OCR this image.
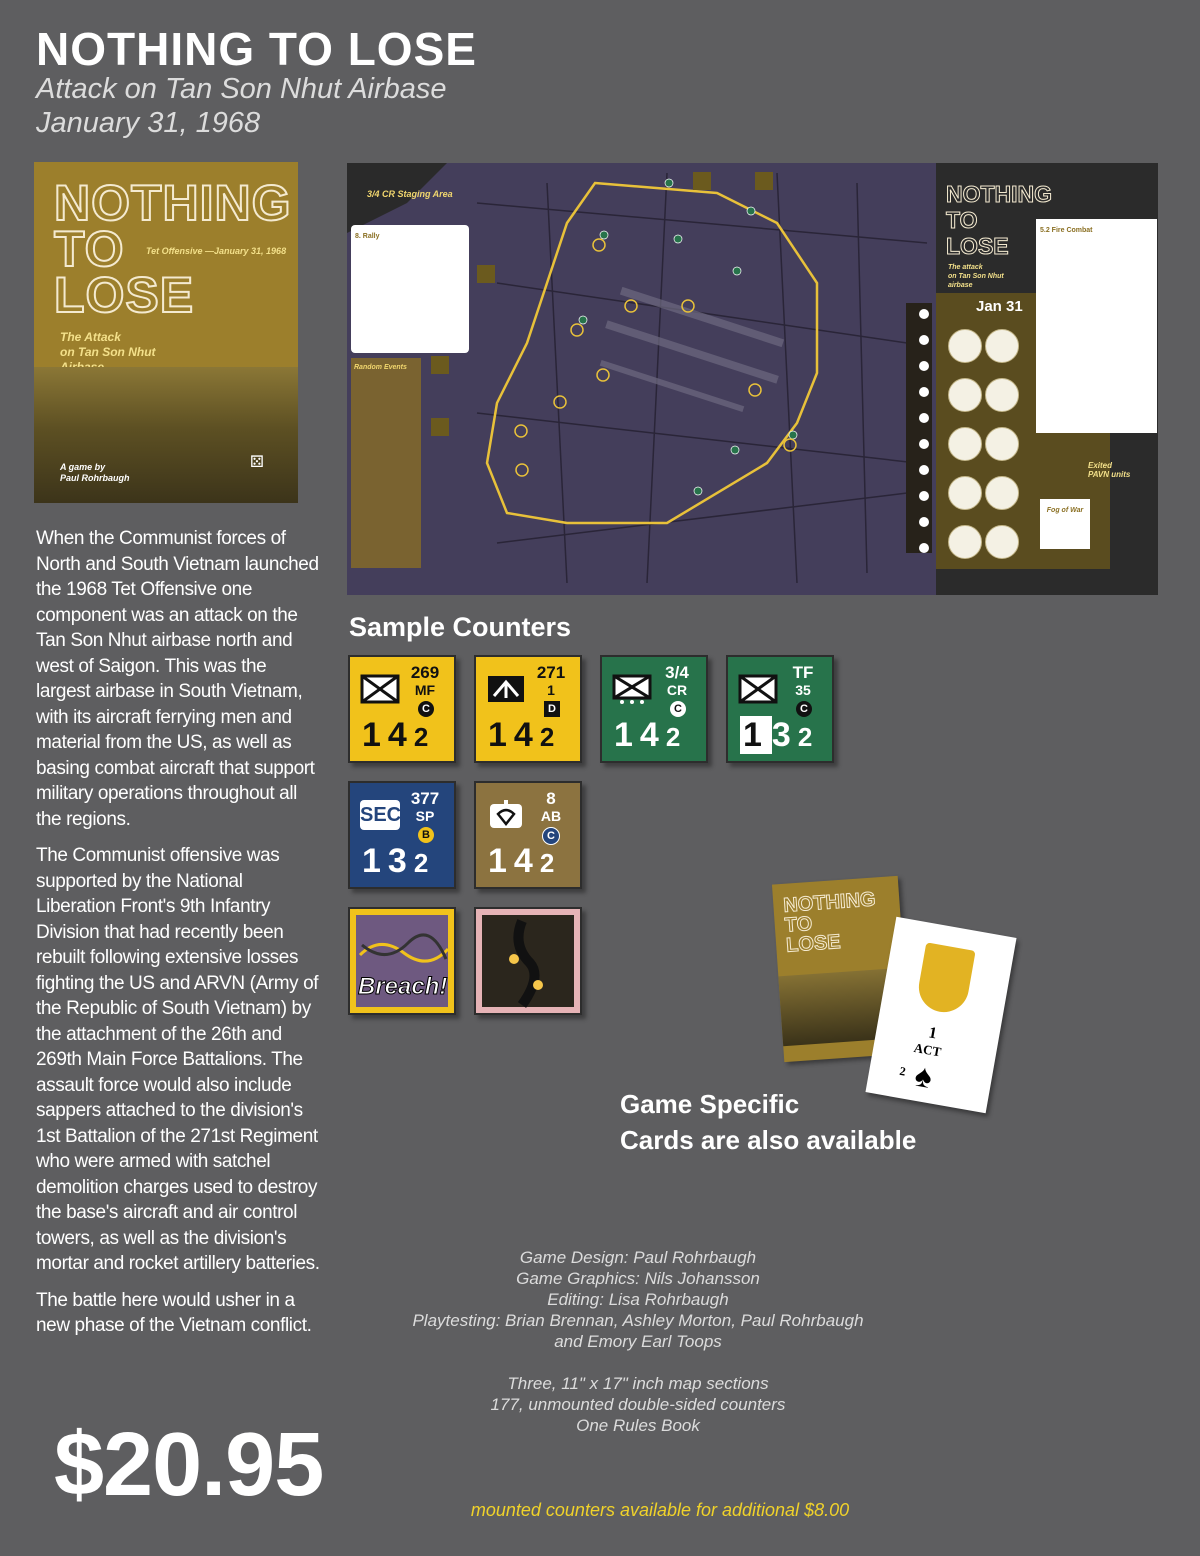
NOTHING TO LOSE
Attack on Tan Son Nhut Airbase
January 31, 1968
NOTHING
TO
LOSE
Tet Offensive —January 31, 1968
The Attack
on Tan Son Nhut
A game by
Paul Rohrbaugh
⚄

When the Communist forces of North and South Vietnam launched the 1968 Tet Offensive one component was an attack on the Tan Son Nhut airbase north and west of Saigon. This was the largest airbase in South Vietnam, with its aircraft ferrying men and material from the US, as well as basing combat aircraft that support military operations throughout all the regions.

The Communist offensive was supported by the National Liberation Front's 9th Infantry Division that had recently been rebuilt following extensive losses fighting the US and ARVN (Army of the Republic of South Vietnam) by the attachment of the 26th and 269th Main Force Battalions. The assault force would also include sappers attached to the division's 1st Battalion of the 271st Regiment who were armed with satchel demolition charges used to destroy the base's aircraft and air control towers, as well as the division's mortar and rocket artillery batteries.

The battle here would usher in a new phase of the Vietnam conflict.

$20.95
3/4 CR Staging Area
8. Rally
Random Events
NOTHING
TO
LOSE
The attack
on Tan Son Nhut
airbase

Jan 31
5.2 Fire Combat
Exited
PAVN units
Fog of War
Sample Counters
269
MF
C
142
271
1
D
142
3/4
CR
C
142
TF
35
C
132
SEC
377
SP
B
132
8
AB
C
142
Breach!
NOTHING
TO
LOSE
1
ACT
2 ♠
Game Specific
Cards are also available
Game Design: Paul Rohrbaugh
Game Graphics: Nils Johansson
Editing: Lisa Rohrbaugh
Playtesting: Brian Brennan, Ashley Morton, Paul Rohrbaugh
and Emory Earl Toops

Three, 11" x 17" inch map sections
177, unmounted double-sided counters
One Rules Book
mounted counters available for additional $8.00
